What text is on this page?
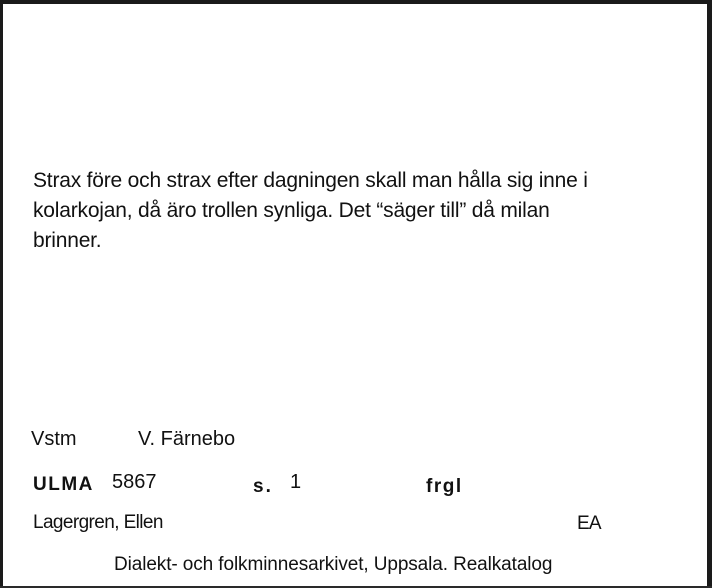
Strax före och strax efter dagningen skall man hålla sig inne i
kolarkojan, då äro trollen synliga. Det “säger till” då milan
brinner.

Vstm	V. Färnebo
ULMA 5867	s. 1	frgl
Lagergren, Ellen	EA
Dialekt- och folkminnesarkivet, Uppsala. Realkatalog
